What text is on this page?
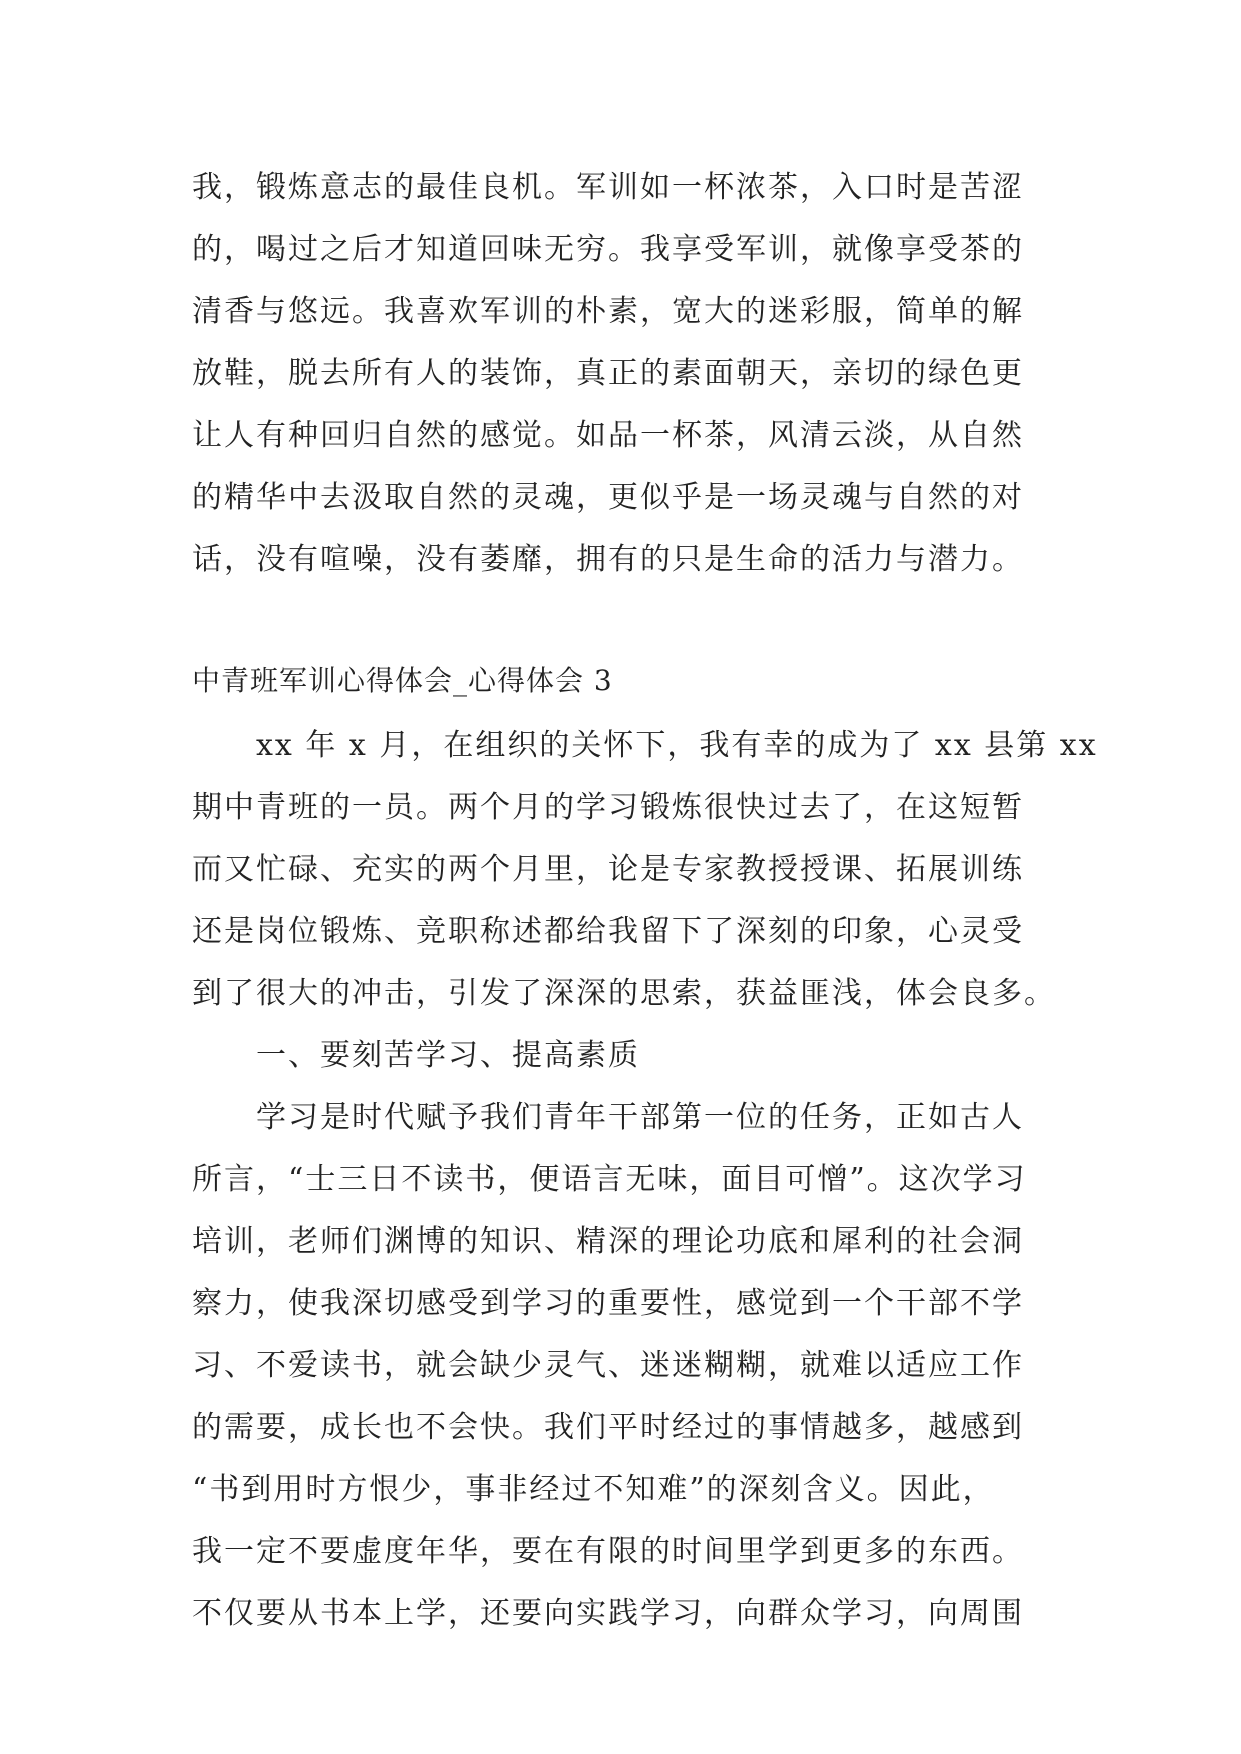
我，锻炼意志的最佳良机。军训如一杯浓茶，入口时是苦涩
的，喝过之后才知道回味无穷。我享受军训，就像享受茶的
清香与悠远。我喜欢军训的朴素，宽大的迷彩服，简单的解
放鞋，脱去所有人的装饰，真正的素面朝天，亲切的绿色更
让人有种回归自然的感觉。如品一杯茶，风清云淡，从自然
的精华中去汲取自然的灵魂，更似乎是一场灵魂与自然的对
话，没有喧噪，没有萎靡，拥有的只是生命的活力与潜力。
中青班军训心得体会_心得体会 3
xx 年 x 月，在组织的关怀下，我有幸的成为了 xx 县第 xx
期中青班的一员。两个月的学习锻炼很快过去了，在这短暂
而又忙碌、充实的两个月里，论是专家教授授课、拓展训练
还是岗位锻炼、竞职称述都给我留下了深刻的印象，心灵受
到了很大的冲击，引发了深深的思索，获益匪浅，体会良多。
一、要刻苦学习、提高素质
学习是时代赋予我们青年干部第一位的任务，正如古人
所言，“士三日不读书，便语言无味，面目可憎”。这次学习
培训，老师们渊博的知识、精深的理论功底和犀利的社会洞
察力，使我深切感受到学习的重要性，感觉到一个干部不学
习、不爱读书，就会缺少灵气、迷迷糊糊，就难以适应工作
的需要，成长也不会快。我们平时经过的事情越多，越感到
“书到用时方恨少，事非经过不知难”的深刻含义。因此，
我一定不要虚度年华，要在有限的时间里学到更多的东西。
不仅要从书本上学，还要向实践学习，向群众学习，向周围
